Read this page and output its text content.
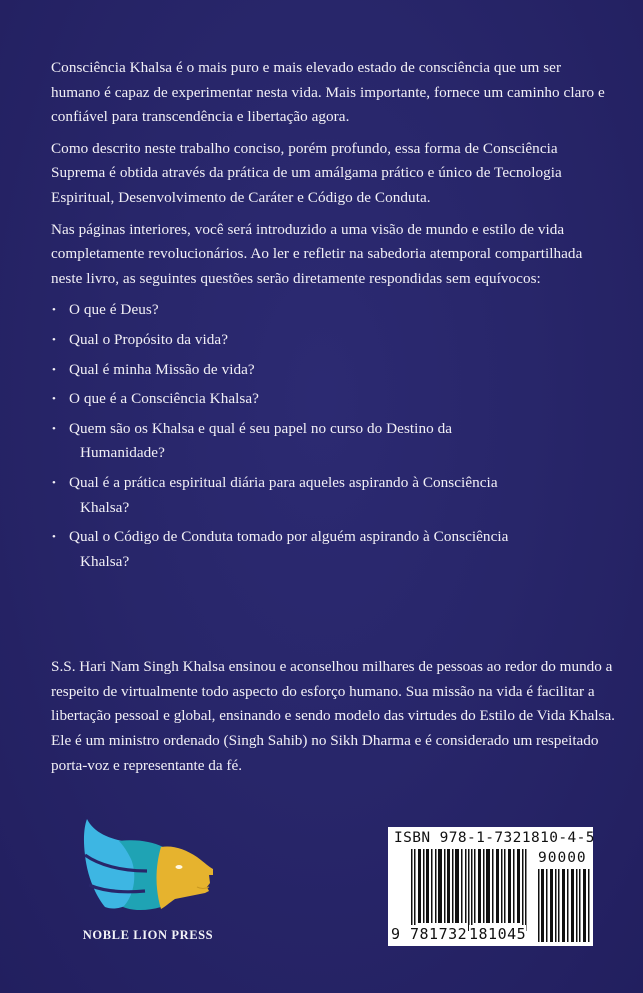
Consciência Khalsa é o mais puro e mais elevado estado de consciência que um ser humano é capaz de experimentar nesta vida. Mais importante, fornece um caminho claro e confiável para transcendência e libertação agora.

Como descrito neste trabalho conciso, porém profundo, essa forma de Consciência Suprema é obtida através da prática de um amálgama prático e único de Tecnologia Espiritual, Desenvolvimento de Caráter e Código de Conduta.

Nas páginas interiores, você será introduzido a uma visão de mundo e estilo de vida completamente revolucionários. Ao ler e refletir na sabedoria atemporal compartilhada neste livro, as seguintes questões serão diretamente respondidas sem equívocos:

• O que é Deus?
• Qual o Propósito da vida?
• Qual é minha Missão de vida?
• O que é a Consciência Khalsa?
• Quem são os Khalsa e qual é seu papel no curso do Destino da
Humanidade?
• Qual é a prática espiritual diária para aqueles aspirando à Consciência
Khalsa?
• Qual o Código de Conduta tomado por alguém aspirando à Consciência
Khalsa?

S.S. Hari Nam Singh Khalsa ensinou e aconselhou milhares de pessoas ao redor do mundo a respeito de virtualmente todo aspecto do esforço humano. Sua missão na vida é facilitar a libertação pessoal e global, ensinando e sendo modelo das virtudes do Estilo de Vida Khalsa. Ele é um ministro ordenado (Singh Sahib) no Sikh Dharma e é considerado um respeitado porta-voz e representante da fé.

NOBLE LION PRESS
ISBN 978-1-7321810-4-5
90000
9 781732 181045
